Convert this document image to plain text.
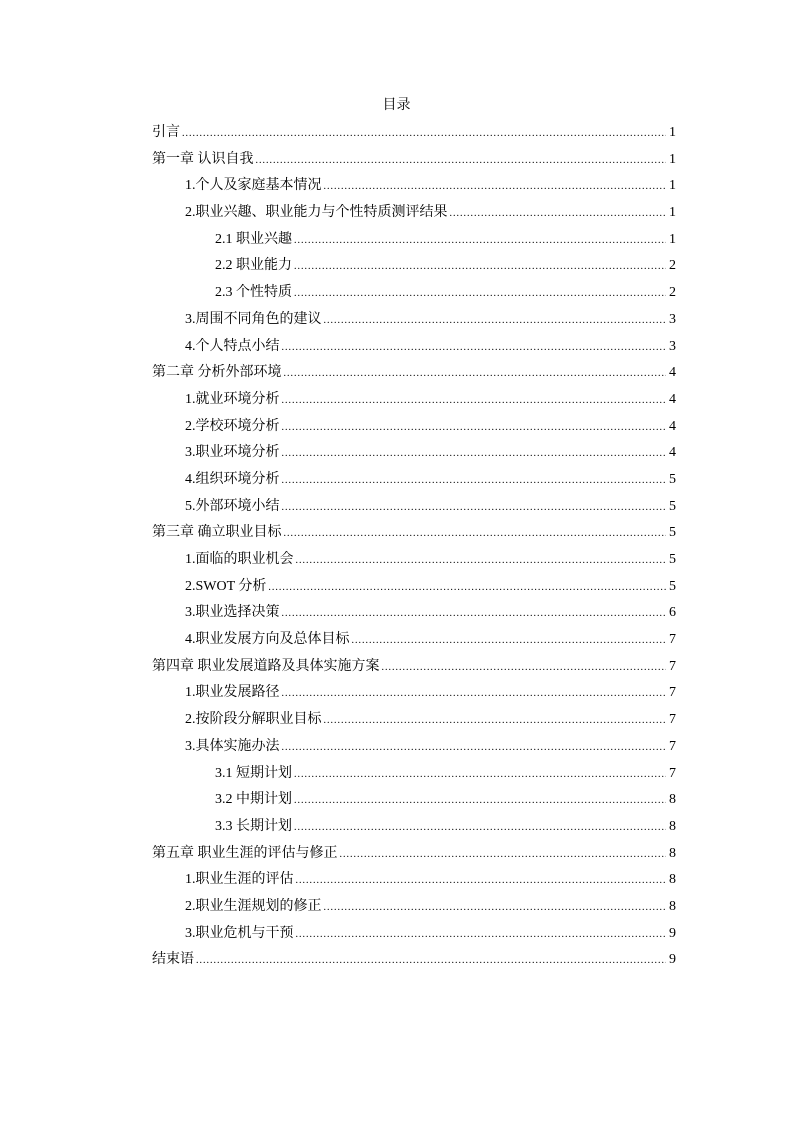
目录
引言 .....	1
第一章 认识自我 .....	1
1.个人及家庭基本情况 .....	1
2.职业兴趣、职业能力与个性特质测评结果 .....	1
2.1 职业兴趣 .....	1
2.2 职业能力 .....	2
2.3 个性特质 .....	2
3.周围不同角色的建议 .....	3
4.个人特点小结 .....	3
第二章 分析外部环境 .....	4
1.就业环境分析 .....	4
2.学校环境分析 .....	4
3.职业环境分析 .....	4
4.组织环境分析 .....	5
5.外部环境小结 .....	5
第三章 确立职业目标 .....	5
1.面临的职业机会 .....	5
2.SWOT 分析 .....	5
3.职业选择决策 .....	6
4.职业发展方向及总体目标 .....	7
第四章 职业发展道路及具体实施方案 .....	7
1.职业发展路径 .....	7
2.按阶段分解职业目标 .....	7
3.具体实施办法 .....	7
3.1 短期计划 .....	7
3.2 中期计划 .....	8
3.3 长期计划 .....	8
第五章 职业生涯的评估与修正 .....	8
1.职业生涯的评估 .....	8
2.职业生涯规划的修正 .....	8
3.职业危机与干预 .....	9
结束语 .....	9
